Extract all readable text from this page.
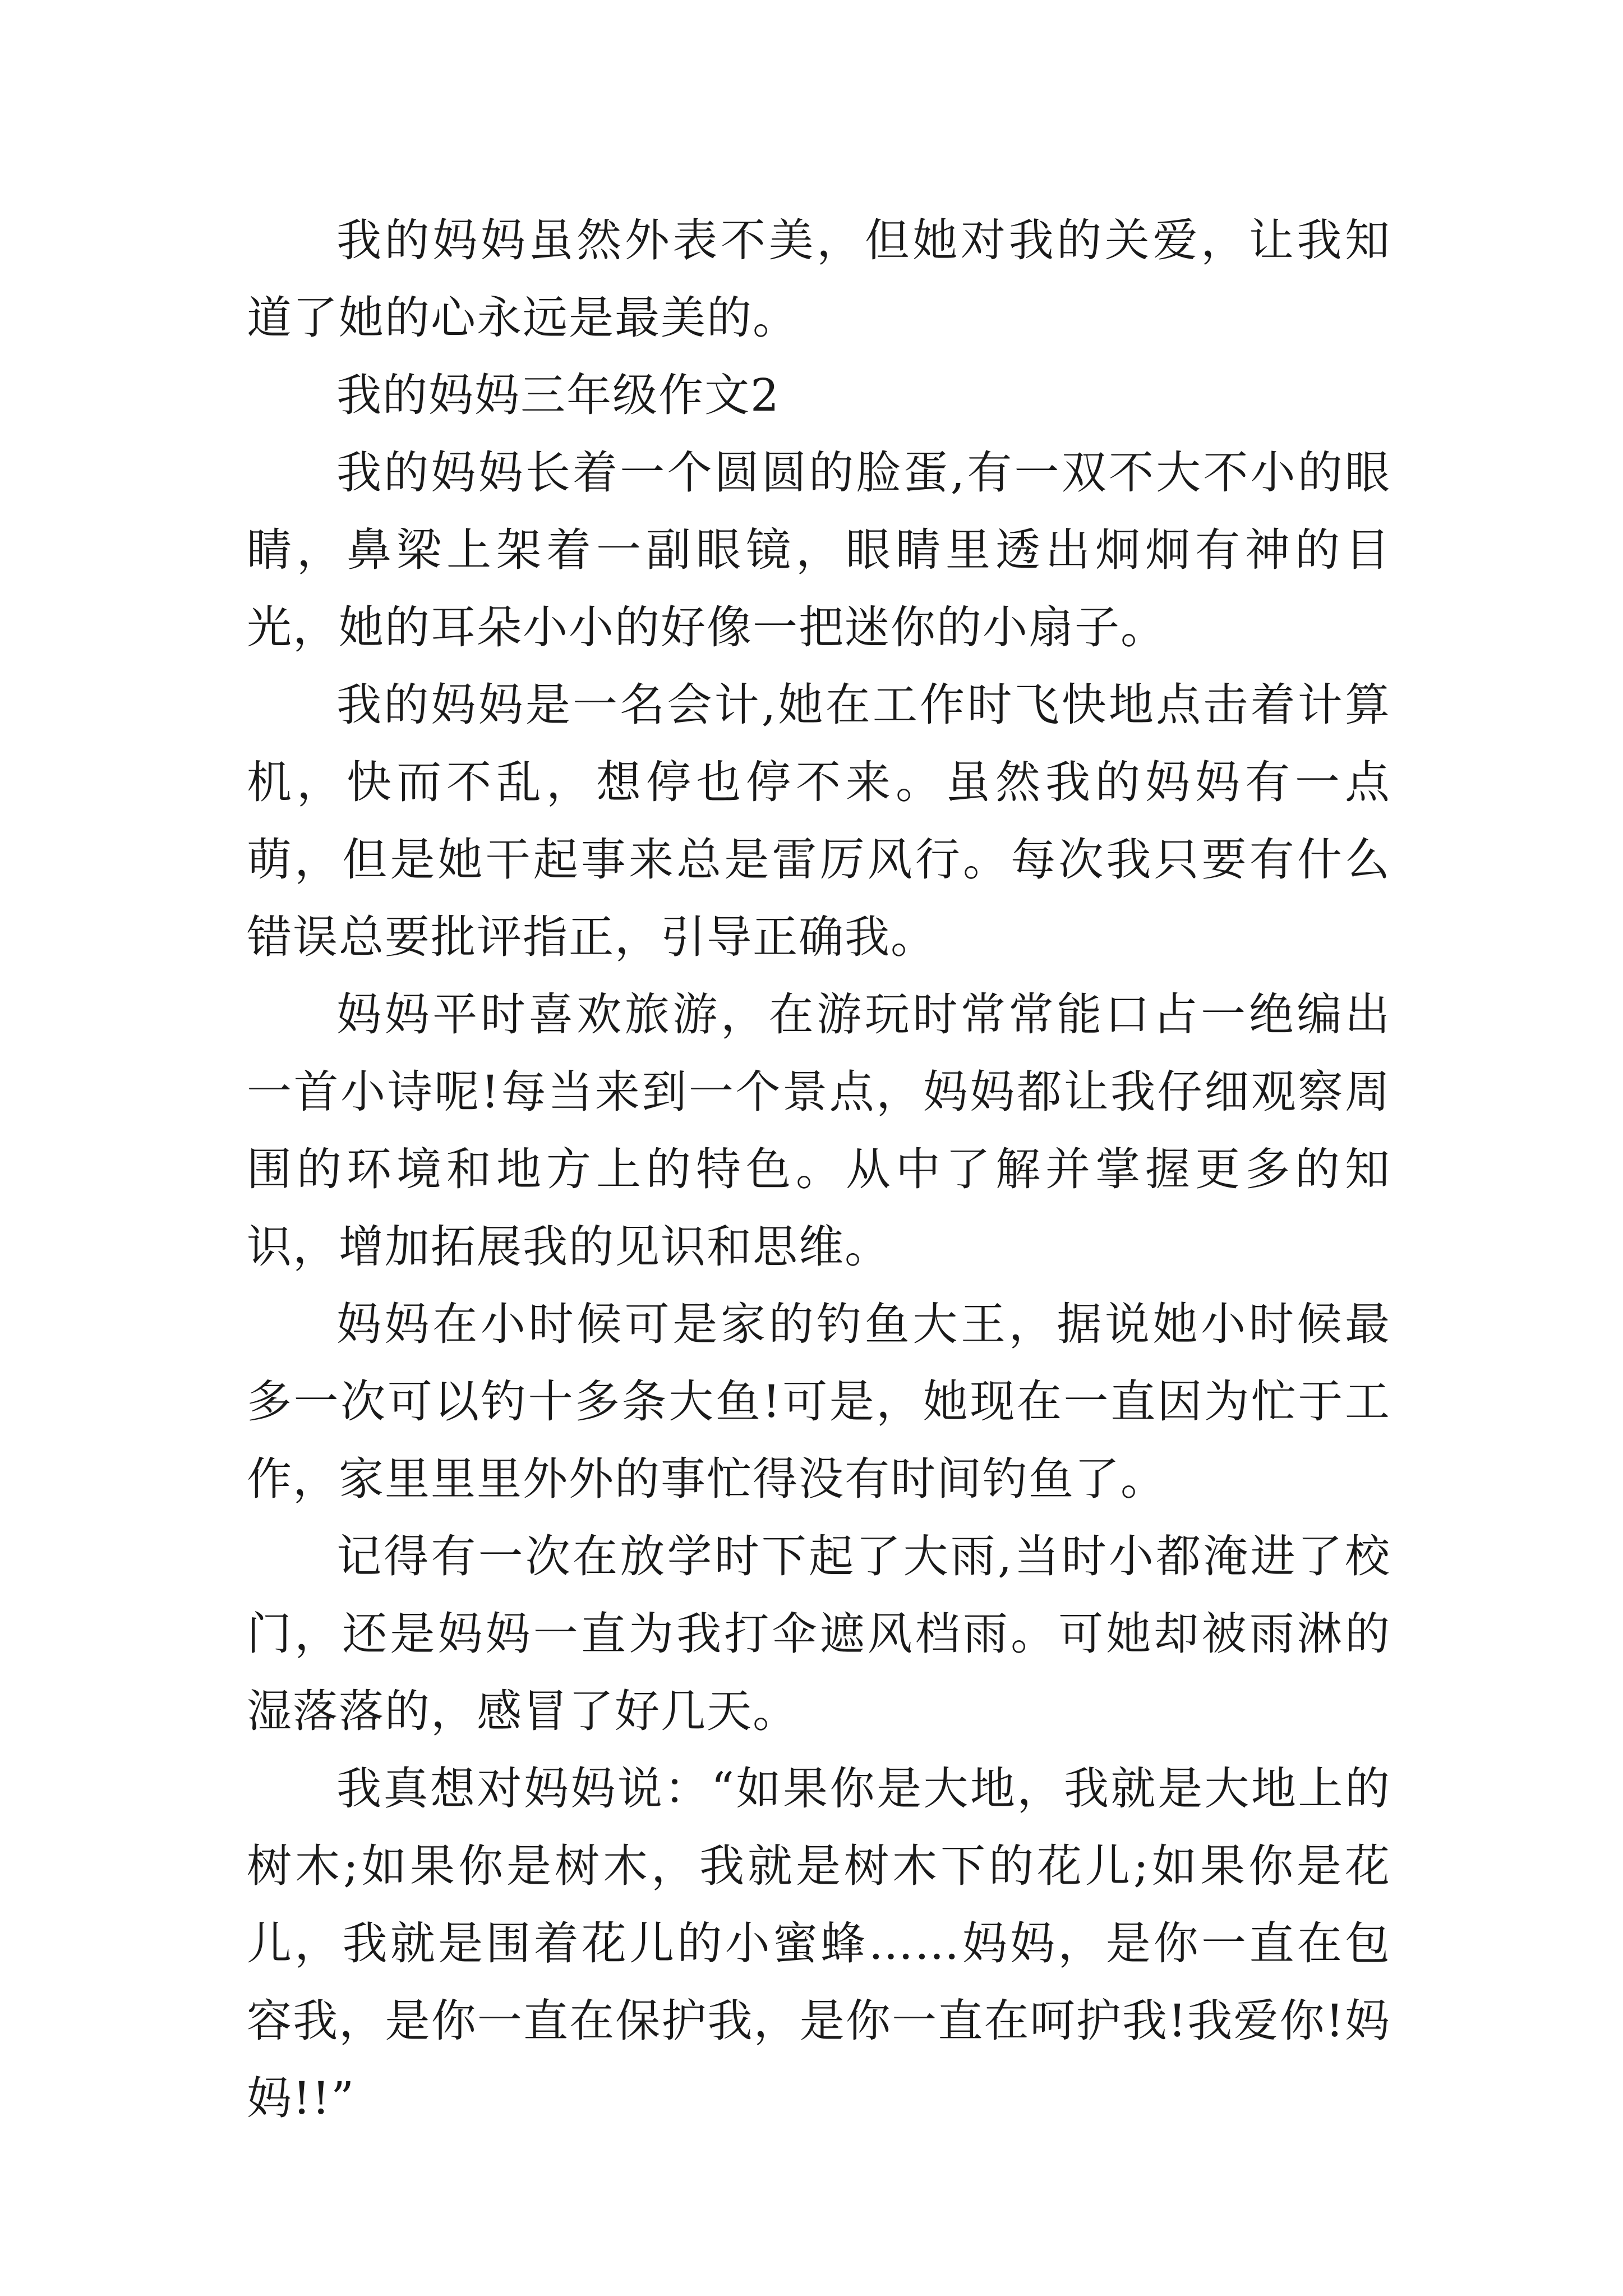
我的妈妈虽然外表不美，但她对我的关爱，让我知道了她的心永远是最美的。

我的妈妈三年级作文2

我的妈妈长着一个圆圆的脸蛋,有一双不大不小的眼睛，鼻梁上架着一副眼镜，眼睛里透出炯炯有神的目光，她的耳朵小小的好像一把迷你的小扇子。

我的妈妈是一名会计,她在工作时飞快地点击着计算机，快而不乱，想停也停不来。虽然我的妈妈有一点萌，但是她干起事来总是雷厉风行。每次我只要有什么错误总要批评指正，引导正确我。

妈妈平时喜欢旅游，在游玩时常常能口占一绝编出一首小诗呢!每当来到一个景点，妈妈都让我仔细观察周围的环境和地方上的特色。从中了解并掌握更多的知识，增加拓展我的见识和思维。

妈妈在小时候可是家的钓鱼大王，据说她小时候最多一次可以钓十多条大鱼!可是，她现在一直因为忙于工作，家里里里外外的事忙得没有时间钓鱼了。

记得有一次在放学时下起了大雨,当时小都淹进了校门，还是妈妈一直为我打伞遮风档雨。可她却被雨淋的湿落落的，感冒了好几天。

我真想对妈妈说：“如果你是大地，我就是大地上的树木;如果你是树木，我就是树木下的花儿;如果你是花儿，我就是围着花儿的小蜜蜂……妈妈，是你一直在包容我，是你一直在保护我，是你一直在呵护我!我爱你!妈妈!!”
